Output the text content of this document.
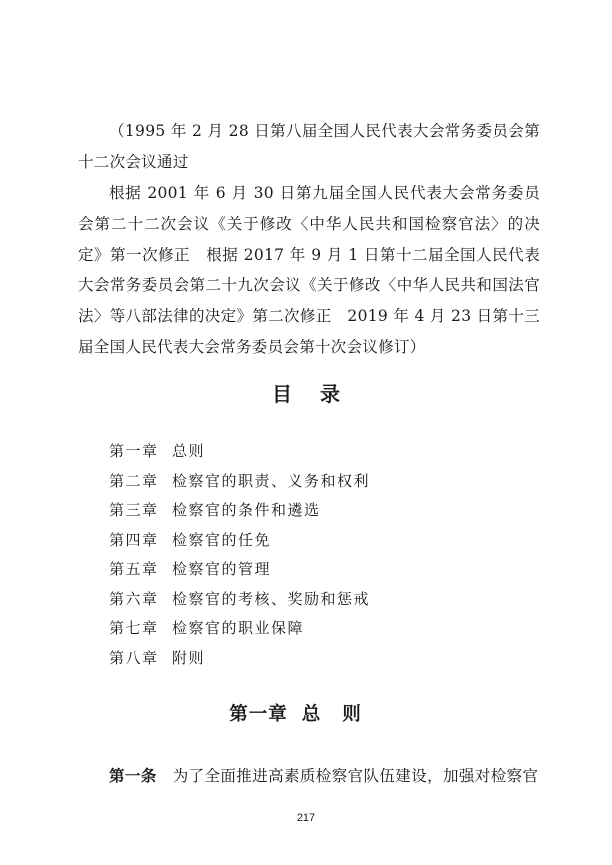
（1995 年 2 月 28 日第八届全国人民代表大会常务委员会第十二次会议通过

根据 2001 年 6 月 30 日第九届全国人民代表大会常务委员会第二十二次会议《关于修改〈中华人民共和国检察官法〉的决定》第一次修正　根据 2017 年 9 月 1 日第十二届全国人民代表大会常务委员会第二十九次会议《关于修改〈中华人民共和国法官法〉等八部法律的决定》第二次修正　2019 年 4 月 23 日第十三届全国人民代表大会常务委员会第十次会议修订）

目录
第一章 总则
第二章 检察官的职责、义务和权利
第三章 检察官的条件和遴选
第四章 检察官的任免
第五章 检察官的管理
第六章 检察官的考核、奖励和惩戒
第七章 检察官的职业保障
第八章 附则
第一章 总则

第一条 为了全面推进高素质检察官队伍建设，加强对检察官

217
